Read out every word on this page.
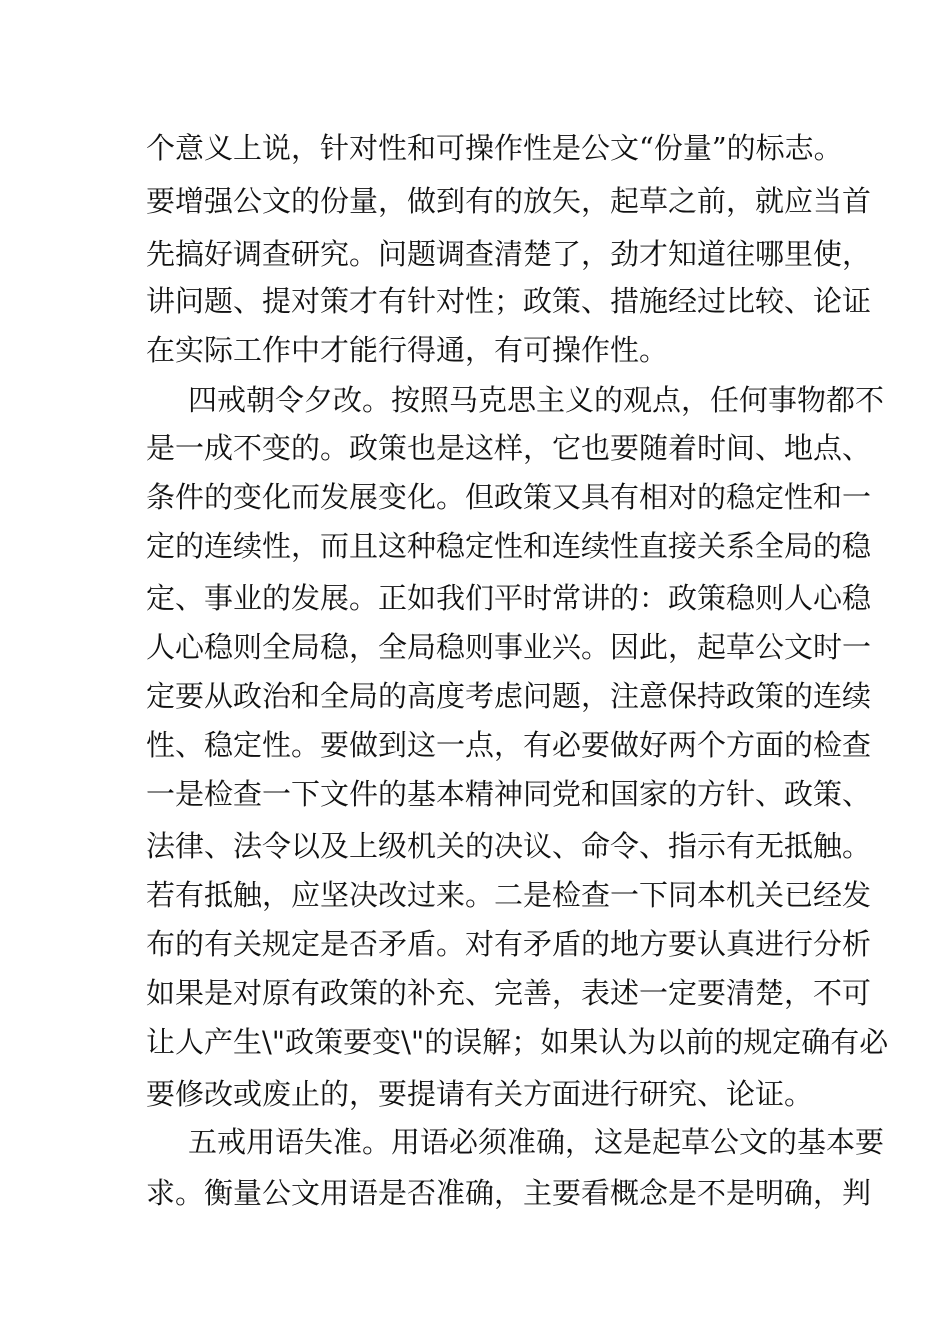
个意义上说，针对性和可操作性是公文“份量”的标志。
要增强公文的份量，做到有的放矢，起草之前，就应当首
先搞好调查研究。问题调查清楚了，劲才知道往哪里使，
讲问题、提对策才有针对性；政策、措施经过比较、论证
在实际工作中才能行得通，有可操作性。
四戒朝令夕改。按照马克思主义的观点，任何事物都不
是一成不变的。政策也是这样，它也要随着时间、地点、
条件的变化而发展变化。但政策又具有相对的稳定性和一
定的连续性，而且这种稳定性和连续性直接关系全局的稳
定、事业的发展。正如我们平时常讲的：政策稳则人心稳
人心稳则全局稳，全局稳则事业兴。因此，起草公文时一
定要从政治和全局的高度考虑问题，注意保持政策的连续
性、稳定性。要做到这一点，有必要做好两个方面的检查
一是检查一下文件的基本精神同党和国家的方针、政策、
法律、法令以及上级机关的决议、命令、指示有无抵触。
若有抵触，应坚决改过来。二是检查一下同本机关已经发
布的有关规定是否矛盾。对有矛盾的地方要认真进行分析
如果是对原有政策的补充、完善，表述一定要清楚，不可
让人产生\"政策要变\"的误解；如果认为以前的规定确有必
要修改或废止的，要提请有关方面进行研究、论证。
五戒用语失准。用语必须准确，这是起草公文的基本要
求。衡量公文用语是否准确，主要看概念是不是明确，判
